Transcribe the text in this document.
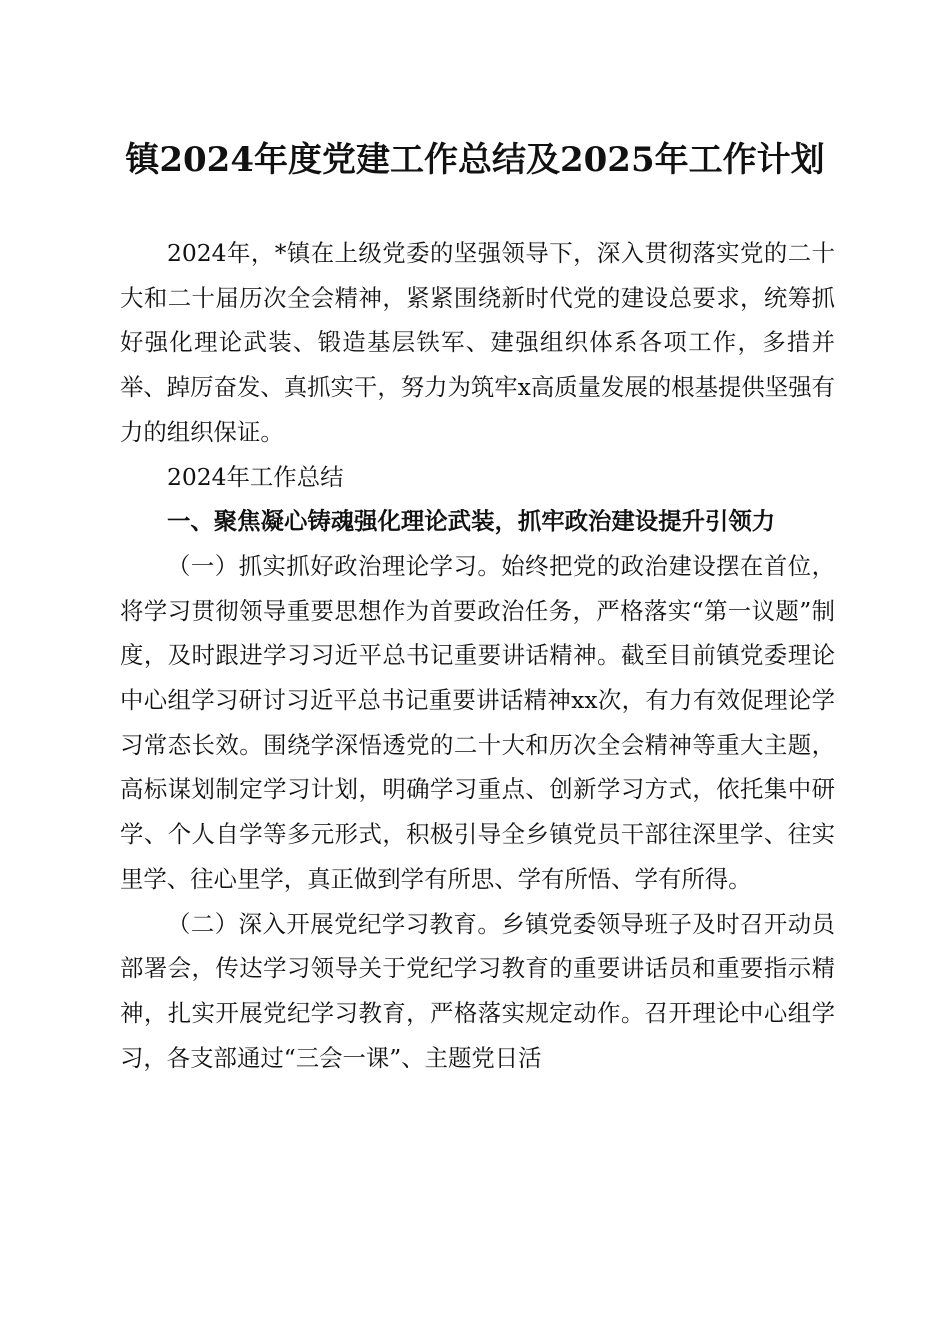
镇2024年度党建工作总结及2025年工作计划

2024年，*镇在上级党委的坚强领导下，深入贯彻落实党的二十大和二十届历次全会精神，紧紧围绕新时代党的建设总要求，统筹抓好强化理论武装、锻造基层铁军、建强组织体系各项工作，多措并举、踔厉奋发、真抓实干，努力为筑牢x高质量发展的根基提供坚强有力的组织保证。

2024年工作总结

一、聚焦凝心铸魂强化理论武装，抓牢政治建设提升引领力

（一）抓实抓好政治理论学习。始终把党的政治建设摆在首位，将学习贯彻领导重要思想作为首要政治任务，严格落实“第一议题”制度，及时跟进学习习近平总书记重要讲话精神。截至目前镇党委理论中心组学习研讨习近平总书记重要讲话精神xx次，有力有效促理论学习常态长效。围绕学深悟透党的二十大和历次全会精神等重大主题，高标谋划制定学习计划，明确学习重点、创新学习方式，依托集中研学、个人自学等多元形式，积极引导全乡镇党员干部往深里学、往实里学、往心里学，真正做到学有所思、学有所悟、学有所得。

（二）深入开展党纪学习教育。乡镇党委领导班子及时召开动员部署会，传达学习领导关于党纪学习教育的重要讲话员和重要指示精神，扎实开展党纪学习教育，严格落实规定动作。召开理论中心组学习，各支部通过“三会一课”、主题党日活
